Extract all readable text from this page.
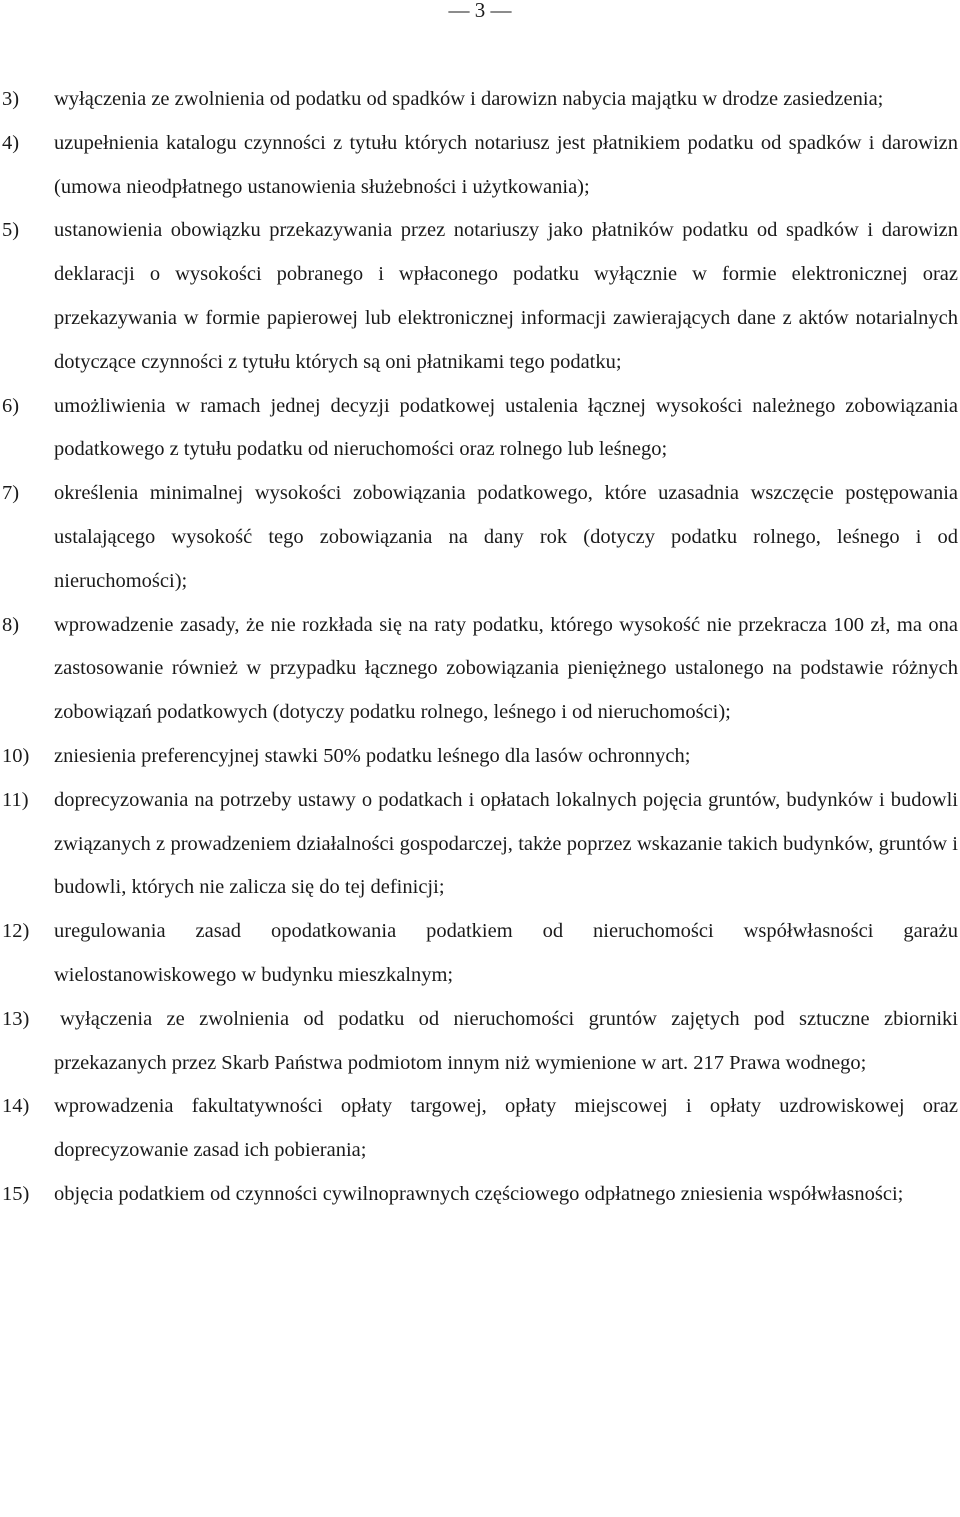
— 3 —
3)	wyłączenia ze zwolnienia od podatku od spadków i darowizn nabycia majątku w drodze zasiedzenia;
4)	uzupełnienia katalogu czynności z tytułu których notariusz jest płatnikiem podatku od spadków i darowizn (umowa nieodpłatnego ustanowienia służebności i użytkowania);
5)	ustanowienia obowiązku przekazywania przez notariuszy jako płatników podatku od spadków i darowizn deklaracji o wysokości pobranego i wpłaconego podatku wyłącznie w formie elektronicznej oraz przekazywania w formie papierowej lub elektronicznej informacji zawierających dane z aktów notarialnych dotyczące czynności z tytułu których są oni płatnikami tego podatku;
6)	umożliwienia w ramach jednej decyzji podatkowej ustalenia łącznej wysokości należnego zobowiązania podatkowego z tytułu podatku od nieruchomości oraz rolnego lub leśnego;
7)	określenia minimalnej wysokości zobowiązania podatkowego, które uzasadnia wszczęcie postępowania ustalającego wysokość tego zobowiązania na dany rok (dotyczy podatku rolnego, leśnego i od nieruchomości);
8)	wprowadzenie zasady, że nie rozkłada się na raty podatku, którego wysokość nie przekracza 100 zł, ma ona zastosowanie również w przypadku łącznego zobowiązania pieniężnego ustalonego na podstawie różnych zobowiązań podatkowych (dotyczy podatku rolnego, leśnego i od nieruchomości);
10)	zniesienia preferencyjnej stawki 50% podatku leśnego dla lasów ochronnych;
11)	doprecyzowania na potrzeby ustawy o podatkach i opłatach lokalnych pojęcia gruntów, budynków i budowli związanych z prowadzeniem działalności gospodarczej, także poprzez wskazanie takich budynków, gruntów i budowli, których nie zalicza się do tej definicji;
12)	uregulowania zasad opodatkowania podatkiem od nieruchomości współwłasności garażu wielostanowiskowego w budynku mieszkalnym;
13)	wyłączenia ze zwolnienia od podatku od nieruchomości gruntów zajętych pod sztuczne zbiorniki przekazanych przez Skarb Państwa podmiotom innym niż wymienione w art. 217 Prawa wodnego;
14)	wprowadzenia fakultatywności opłaty targowej, opłaty miejscowej i opłaty uzdrowiskowej oraz doprecyzowanie zasad ich pobierania;
15)	objęcia podatkiem od czynności cywilnoprawnych częściowego odpłatnego zniesienia współwłasności;
